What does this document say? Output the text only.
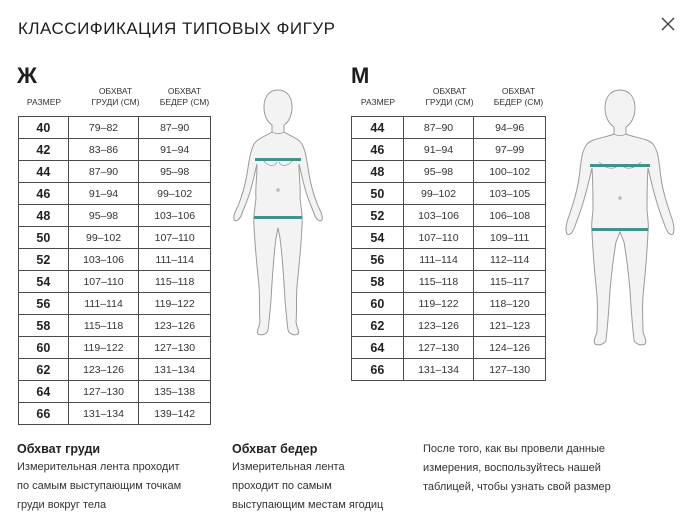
КЛАССИФИКАЦИЯ ТИПОВЫХ ФИГУР
Ж
РАЗМЕР
ОБХВАТ
ГРУДИ (СМ)
ОБХВАТ
БЕДЕР (СМ)
40	79–82	87–90
42	83–86	91–94
44	87–90	95–98
46	91–94	99–102
48	95–98	103–106
50	99–102	107–110
52	103–106	111–114
54	107–110	115–118
56	111–114	119–122
58	115–118	123–126
60	119–122	127–130
62	123–126	131–134
64	127–130	135–138
66	131–134	139–142
М
РАЗМЕР
ОБХВАТ
ГРУДИ (СМ)
ОБХВАТ
БЕДЕР (СМ)
44	87–90	94–96
46	91–94	97–99
48	95–98	100–102
50	99–102	103–105
52	103–106	106–108
54	107–110	109–111
56	111–114	112–114
58	115–118	115–117
60	119–122	118–120
62	123–126	121–123
64	127–130	124–126
66	131–134	127–130
Обхват груди
Измерительная лента проходит
по самым выступающим точкам
груди вокруг тела
Обхват бедер
Измерительная лента
проходит по самым
выступающим местам ягодиц
После того, как вы провели данные
измерения, воспользуйтесь нашей
таблицей, чтобы узнать свой размер
